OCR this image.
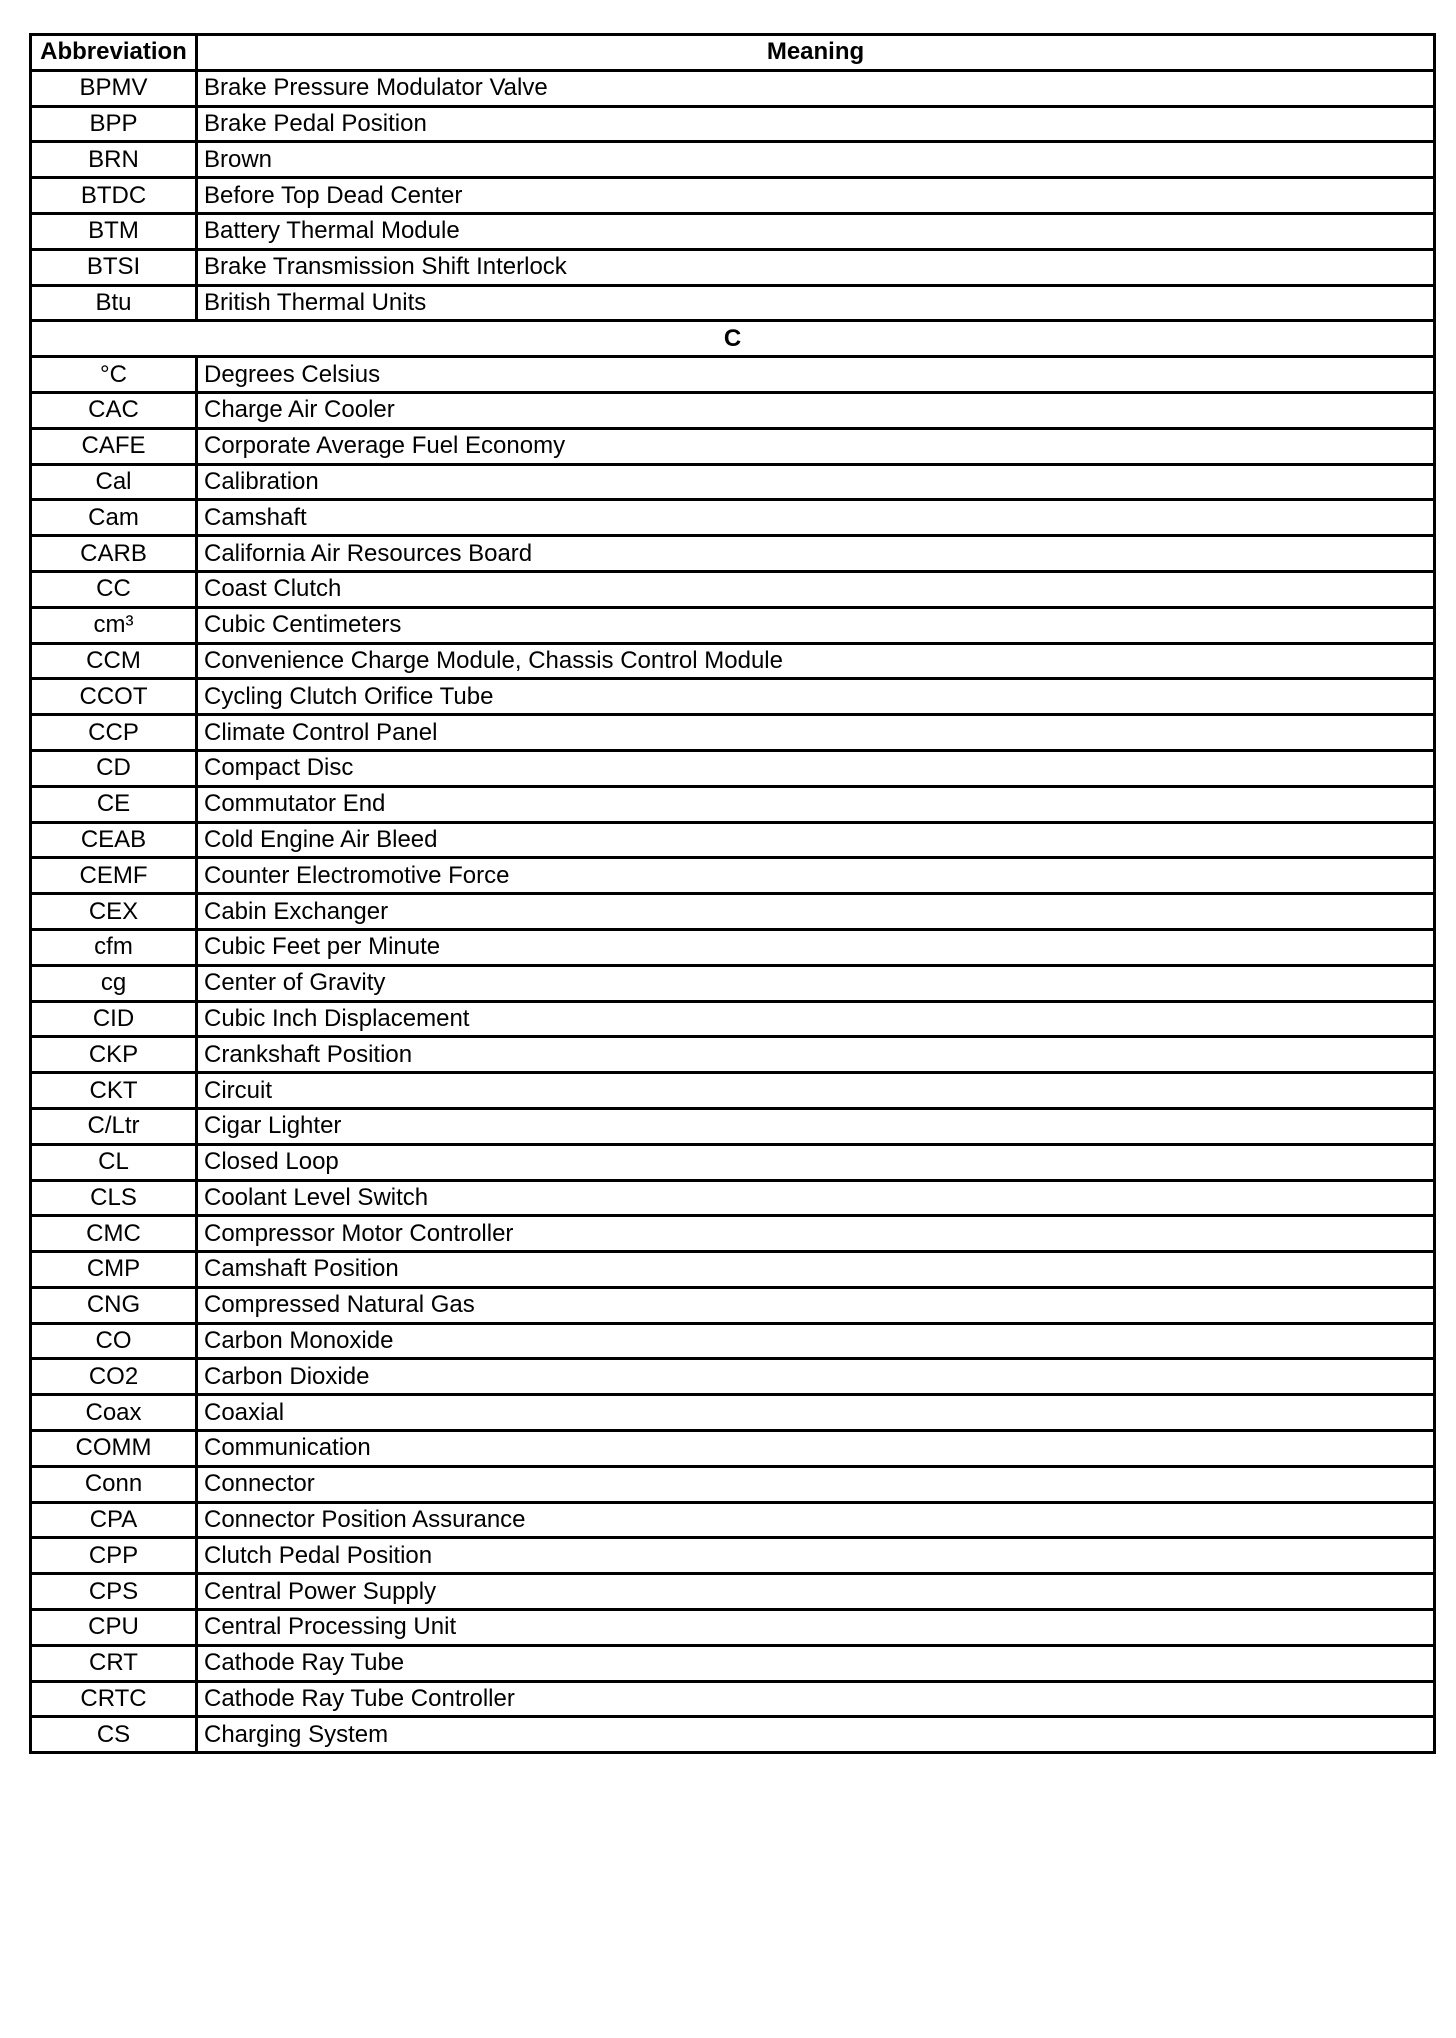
Abbreviation	Meaning
BPMV	Brake Pressure Modulator Valve
BPP	Brake Pedal Position
BRN	Brown
BTDC	Before Top Dead Center
BTM	Battery Thermal Module
BTSI	Brake Transmission Shift Interlock
Btu	British Thermal Units
C	
°C	Degrees Celsius
CAC	Charge Air Cooler
CAFE	Corporate Average Fuel Economy
Cal	Calibration
Cam	Camshaft
CARB	California Air Resources Board
CC	Coast Clutch
cm³	Cubic Centimeters
CCM	Convenience Charge Module, Chassis Control Module
CCOT	Cycling Clutch Orifice Tube
CCP	Climate Control Panel
CD	Compact Disc
CE	Commutator End
CEAB	Cold Engine Air Bleed
CEMF	Counter Electromotive Force
CEX	Cabin Exchanger
cfm	Cubic Feet per Minute
cg	Center of Gravity
CID	Cubic Inch Displacement
CKP	Crankshaft Position
CKT	Circuit
C/Ltr	Cigar Lighter
CL	Closed Loop
CLS	Coolant Level Switch
CMC	Compressor Motor Controller
CMP	Camshaft Position
CNG	Compressed Natural Gas
CO	Carbon Monoxide
CO2	Carbon Dioxide
Coax	Coaxial
COMM	Communication
Conn	Connector
CPA	Connector Position Assurance
CPP	Clutch Pedal Position
CPS	Central Power Supply
CPU	Central Processing Unit
CRT	Cathode Ray Tube
CRTC	Cathode Ray Tube Controller
CS	Charging System
